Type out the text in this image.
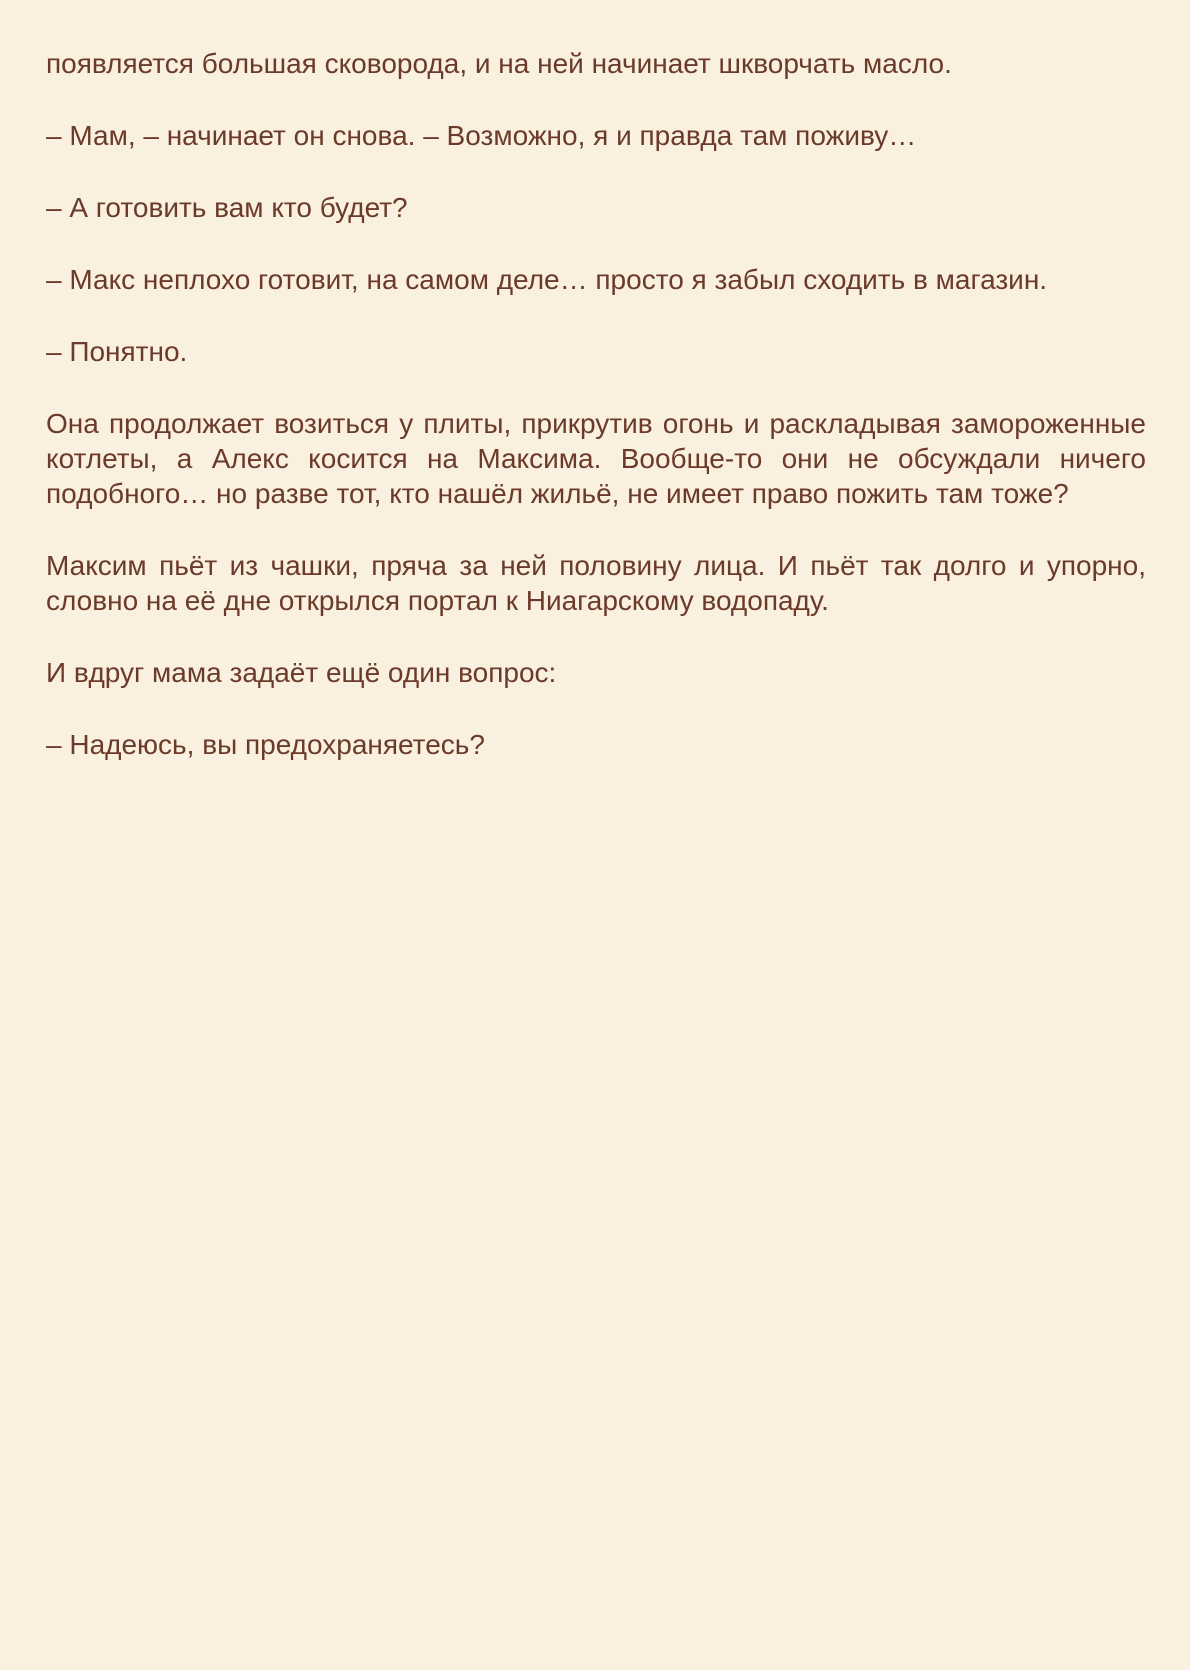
появляется большая сковорода, и на ней начинает шкворчать масло.

– Мам, – начинает он снова. – Возможно, я и правда там поживу…

– А готовить вам кто будет?

– Макс неплохо готовит, на самом деле… просто я забыл сходить в магазин.

– Понятно.

Она продолжает возиться у плиты, прикрутив огонь и раскладывая замороженные котлеты, а Алекс косится на Максима. Вообще-то они не обсуждали ничего подобного… но разве тот, кто нашёл жильё, не имеет право пожить там тоже?

Максим пьёт из чашки, пряча за ней половину лица. И пьёт так долго и упорно, словно на её дне открылся портал к Ниагарскому водопаду.

И вдруг мама задаёт ещё один вопрос:

– Надеюсь, вы предохраняетесь?
